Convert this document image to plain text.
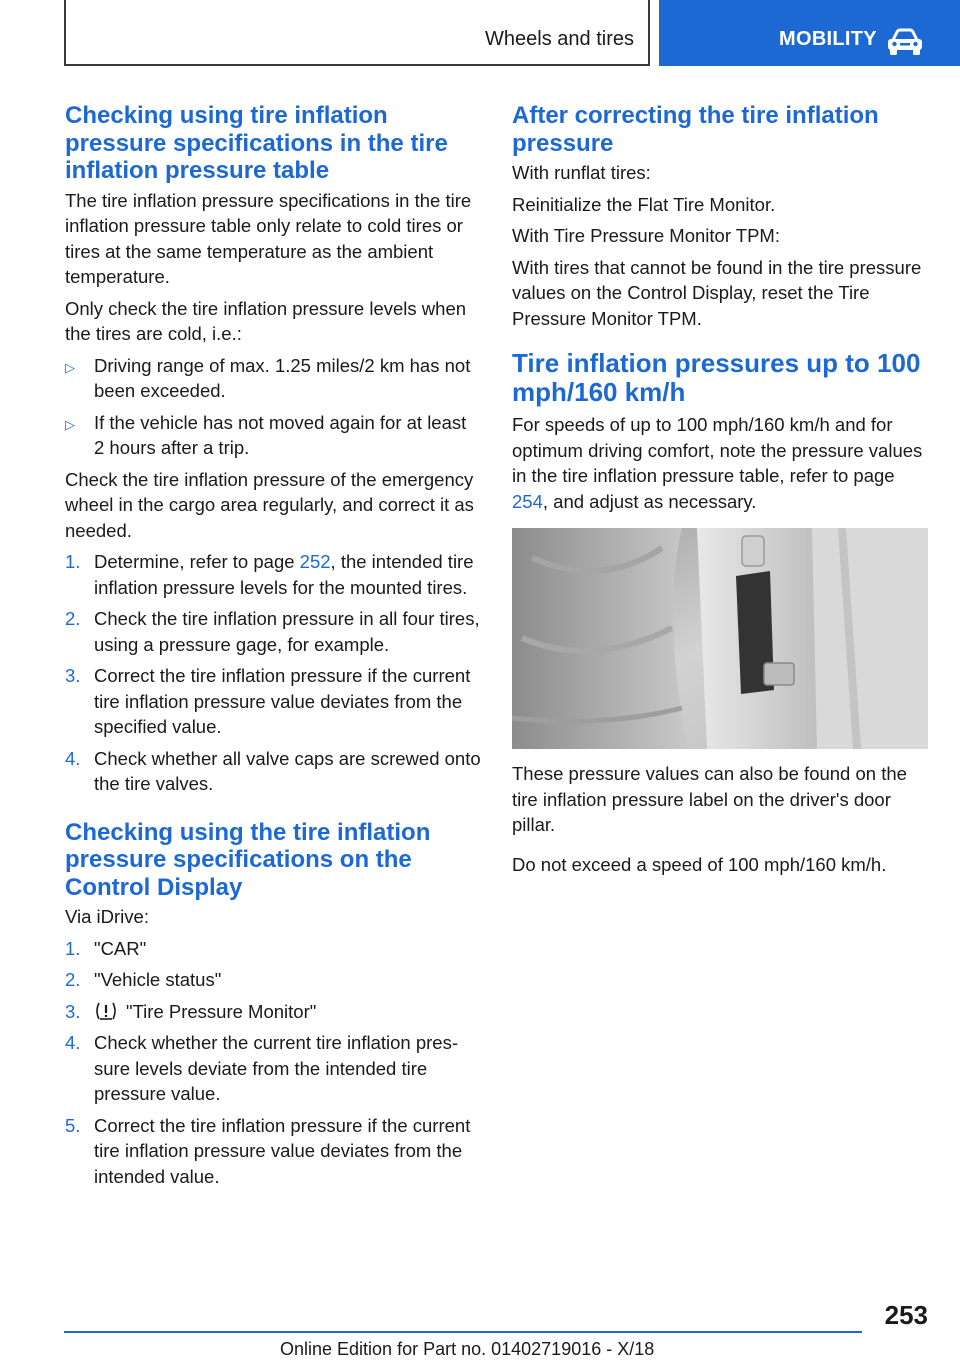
Wheels and tires	MOBILITY
Checking using tire inflation pressure specifications in the tire inflation pressure table

The tire inflation pressure specifications in the tire inflation pressure table only relate to cold tires or tires at the same temperature as the ambient temperature.

Only check the tire inflation pressure levels when the tires are cold, i.e.:

▷ Driving range of max. 1.25 miles/2 km has not been exceeded.
▷ If the vehicle has not moved again for at least 2 hours after a trip.

Check the tire inflation pressure of the emergency wheel in the cargo area regularly, and correct it as needed.

1. Determine, refer to page 252, the intended tire inflation pressure levels for the mounted tires.
2. Check the tire inflation pressure in all four tires, using a pressure gage, for example.
3. Correct the tire inflation pressure if the current tire inflation pressure value deviates from the specified value.
4. Check whether all valve caps are screwed onto the tire valves.
Checking using the tire inflation pressure specifications on the Control Display

Via iDrive:

1. "CAR"
2. "Vehicle status"
3. "Tire Pressure Monitor"
4. Check whether the current tire inflation pressure levels deviate from the intended tire pressure value.
5. Correct the tire inflation pressure if the current tire inflation pressure value deviates from the intended value.
After correcting the tire inflation pressure

With runflat tires:

Reinitialize the Flat Tire Monitor.

With Tire Pressure Monitor TPM:

With tires that cannot be found in the tire pressure values on the Control Display, reset the Tire Pressure Monitor TPM.

Tire inflation pressures up to 100 mph/160 km/h

For speeds of up to 100 mph/160 km/h and for optimum driving comfort, note the pressure values in the tire inflation pressure table, refer to page 254, and adjust as necessary.

These pressure values can also be found on the tire inflation pressure label on the driver's door pillar.

Do not exceed a speed of 100 mph/160 km/h.

253
Online Edition for Part no. 01402719016 - X/18
